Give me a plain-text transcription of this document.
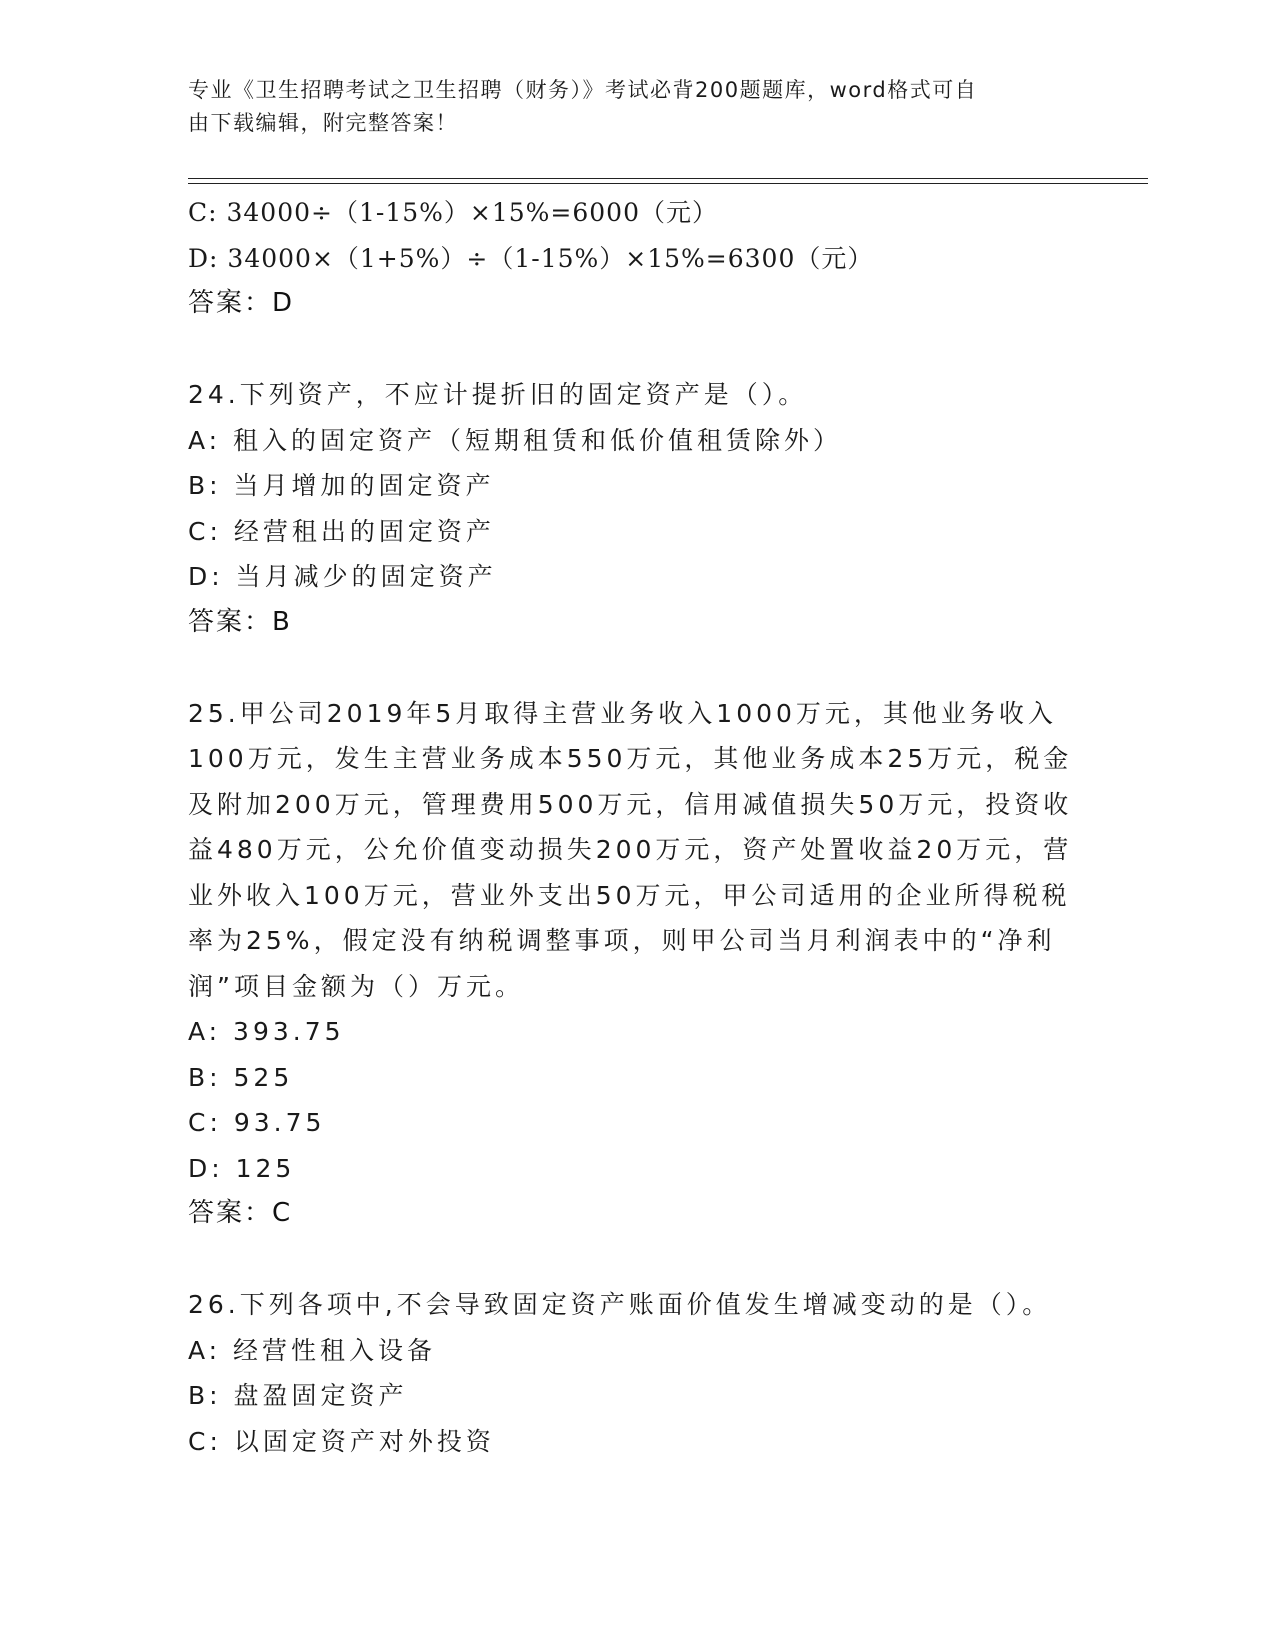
专业《卫生招聘考试之卫生招聘（财务）》考试必背200题题库，word格式可自
由下载编辑，附完整答案！
C: 34000÷（1-15%）×15%=6000（元）
D: 34000×（1+5%）÷（1-15%）×15%=6300（元）
答案：D
24.下列资产，不应计提折旧的固定资产是（）。
A: 租入的固定资产（短期租赁和低价值租赁除外）
B: 当月增加的固定资产
C: 经营租出的固定资产
D: 当月减少的固定资产
答案：B
25.甲公司2019年5月取得主营业务收入1000万元，其他业务收入
100万元，发生主营业务成本550万元，其他业务成本25万元，税金
及附加200万元，管理费用500万元，信用减值损失50万元，投资收
益480万元，公允价值变动损失200万元，资产处置收益20万元，营
业外收入100万元，营业外支出50万元，甲公司适用的企业所得税税
率为25%，假定没有纳税调整事项，则甲公司当月利润表中的“净利
润”项目金额为（）万元。
A: 393.75
B: 525
C: 93.75
D: 125
答案：C
26.下列各项中,不会导致固定资产账面价值发生增减变动的是（）。
A: 经营性租入设备
B: 盘盈固定资产
C: 以固定资产对外投资
